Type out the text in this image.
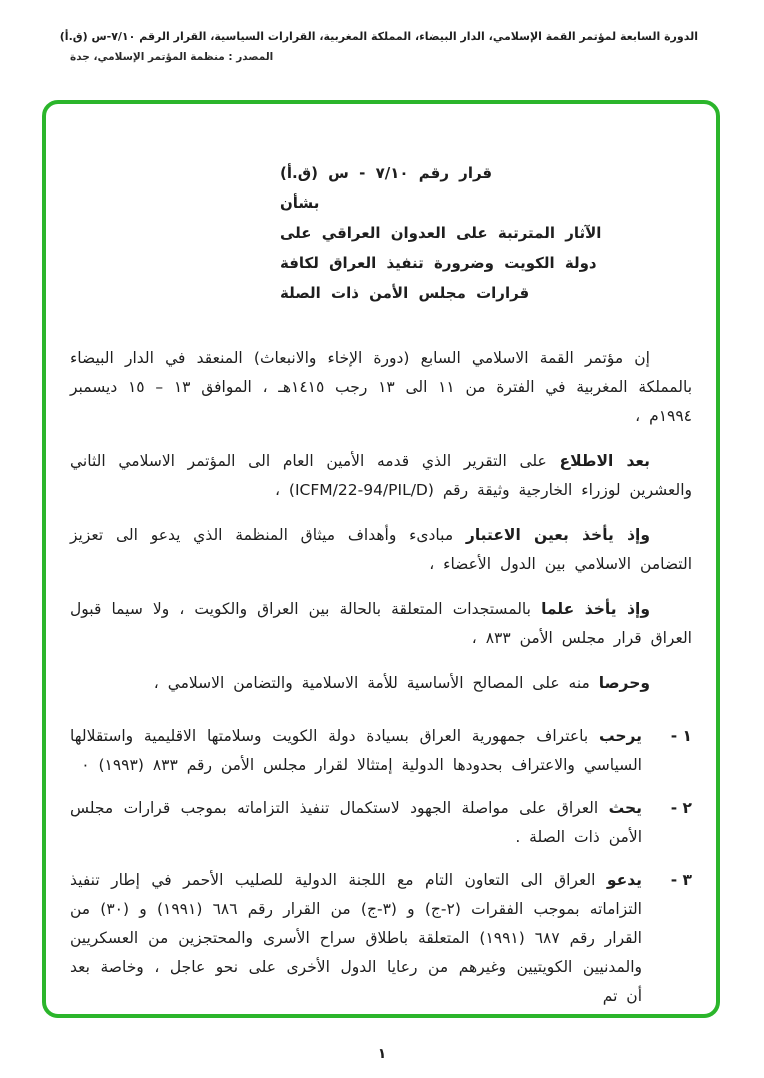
الدورة السابعة لمؤتمر القمة الإسلامي، الدار البيضاء، المملكة المغربية، القرارات السياسية، القرار الرقم ٧/١٠-س (ق.أ)
المصدر : منظمة المؤتمر الإسلامي، جدة
قرار رقم ٧/١٠ - س (ق.أ)
بشأن
الآثار المترتبة على العدوان العراقي على
دولة الكويت وضرورة تنفيذ العراق لكافة
قرارات مجلس الأمن ذات الصلة

إن مؤتمر القمة الاسلامي السابع (دورة الإخاء والانبعاث) المنعقد في الدار البيضاء بالمملكة المغربية في الفترة من ١١ الى ١٣ رجب ١٤١٥هـ ، الموافق ١٣ – ١٥ ديسمبر ١٩٩٤م ،

بعد الاطلاع على التقرير الذي قدمه الأمين العام الى المؤتمر الاسلامي الثاني والعشرين لوزراء الخارجية وثيقة رقم (ICFM/22-94/PIL/D) ،

وإذ يأخذ بعين الاعتبار مبادىء وأهداف ميثاق المنظمة الذي يدعو الى تعزيز التضامن الاسلامي بين الدول الأعضاء ،

وإذ يأخذ علما بالمستجدات المتعلقة بالحالة بين العراق والكويت ، ولا سيما قبول العراق قرار مجلس الأمن ٨٣٣ ،

وحرصا منه على المصالح الأساسية للأمة الاسلامية والتضامن الاسلامي ،

١ -
يرحب باعتراف جمهورية العراق بسيادة دولة الكويت وسلامتها الاقليمية واستقلالها السياسي والاعتراف بحدودها الدولية إمتثالا لقرار مجلس الأمن رقم ٨٣٣ (١٩٩٣) ٠
٢ -
يحث العراق على مواصلة الجهود لاستكمال تنفيذ التزاماته بموجب قرارات مجلس الأمن ذات الصلة .
٣ -
يدعو العراق الى التعاون التام مع اللجنة الدولية للصليب الأحمر في إطار تنفيذ التزاماته بموجب الفقرات (٢-ج) و (٣-ج) من القرار رقم ٦٨٦ (١٩٩١) و (٣٠) من القرار رقم ٦٨٧ (١٩٩١) المتعلقة باطلاق سراح الأسرى والمحتجزين من العسكريين والمدنيين الكويتيين وغيرهم من رعايا الدول الأخرى على نحو عاجل ، وخاصة بعد أن تم
١
